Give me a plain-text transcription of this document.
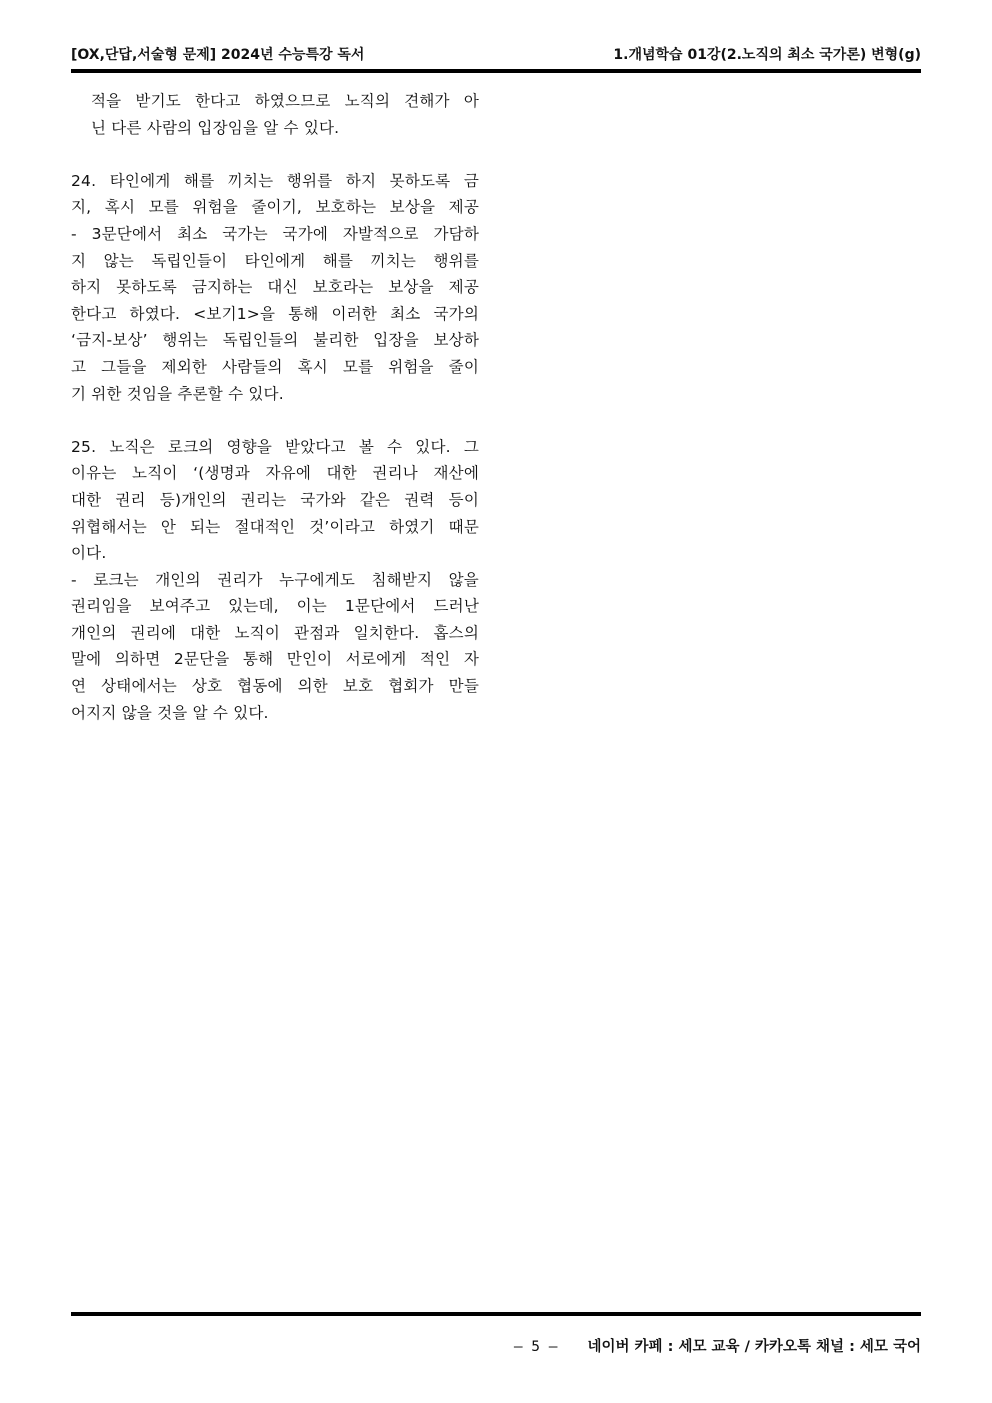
[OX,단답,서술형 문제] 2024년 수능특강 독서	1.개념학습 01강(2.노직의 최소 국가론) 변형(g)
적을 받기도 한다고 하였으므로 노직의 견해가 아
닌 다른 사람의 입장임을 알 수 있다.
24. 타인에게 해를 끼치는 행위를 하지 못하도록 금
지, 혹시 모를 위험을 줄이기, 보호하는 보상을 제공
- 3문단에서 최소 국가는 국가에 자발적으로 가담하
지 않는 독립인들이 타인에게 해를 끼치는 행위를
하지 못하도록 금지하는 대신 보호라는 보상을 제공
한다고 하였다. <보기1>을 통해 이러한 최소 국가의
‘금지-보상’ 행위는 독립인들의 불리한 입장을 보상하
고 그들을 제외한 사람들의 혹시 모를 위험을 줄이
기 위한 것임을 추론할 수 있다.
25. 노직은 로크의 영향을 받았다고 볼 수 있다. 그
이유는 노직이 ‘(생명과 자유에 대한 권리나 재산에
대한 권리 등)개인의 권리는 국가와 같은 권력 등이
위협해서는 안 되는 절대적인 것’이라고 하였기 때문
이다.
- 로크는 개인의 권리가 누구에게도 침해받지 않을
권리임을 보여주고 있는데, 이는 1문단에서 드러난
개인의 권리에 대한 노직이 관점과 일치한다. 홉스의
말에 의하면 2문단을 통해 만인이 서로에게 적인 자
연 상태에서는 상호 협동에 의한 보호 협회가 만들
어지지 않을 것을 알 수 있다.
– 5 – 네이버 카페 : 세모 교육 / 카카오톡 채널 : 세모 국어
